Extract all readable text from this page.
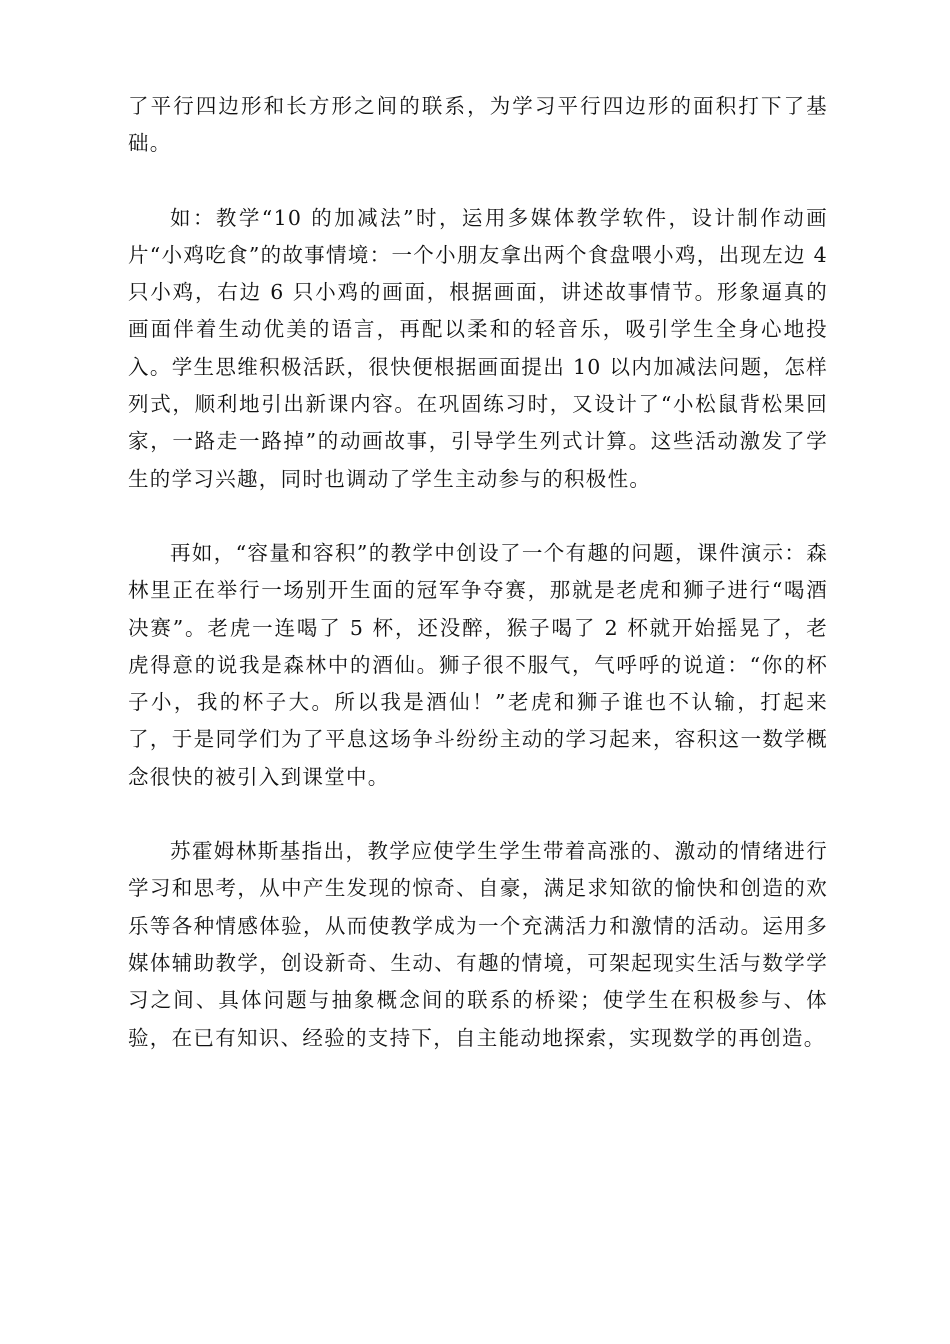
了平行四边形和长方形之间的联系，为学习平行四边形的面积打下了基础。

如：教学“10 的加减法”时，运用多媒体教学软件，设计制作动画片“小鸡吃食”的故事情境：一个小朋友拿出两个食盘喂小鸡，出现左边 4 只小鸡，右边 6 只小鸡的画面，根据画面，讲述故事情节。形象逼真的画面伴着生动优美的语言，再配以柔和的轻音乐，吸引学生全身心地投入。学生思维积极活跃，很快便根据画面提出 10 以内加减法问题，怎样列式，顺利地引出新课内容。在巩固练习时，又设计了“小松鼠背松果回家，一路走一路掉”的动画故事，引导学生列式计算。这些活动激发了学生的学习兴趣，同时也调动了学生主动参与的积极性。

再如，“容量和容积”的教学中创设了一个有趣的问题，课件演示：森林里正在举行一场别开生面的冠军争夺赛，那就是老虎和狮子进行“喝酒决赛”。老虎一连喝了 5 杯，还没醉，猴子喝了 2 杯就开始摇晃了，老虎得意的说我是森林中的酒仙。狮子很不服气，气呼呼的说道：“你的杯子小，我的杯子大。所以我是酒仙！”老虎和狮子谁也不认输，打起来了，于是同学们为了平息这场争斗纷纷主动的学习起来，容积这一数学概念很快的被引入到课堂中。

苏霍姆林斯基指出，教学应使学生学生带着高涨的、激动的情绪进行学习和思考，从中产生发现的惊奇、自豪，满足求知欲的愉快和创造的欢乐等各种情感体验，从而使教学成为一个充满活力和激情的活动。运用多媒体辅助教学，创设新奇、生动、有趣的情境，可架起现实生活与数学学习之间、具体问题与抽象概念间的联系的桥梁；使学生在积极参与、体验，在已有知识、经验的支持下，自主能动地探索，实现数学的再创造。
